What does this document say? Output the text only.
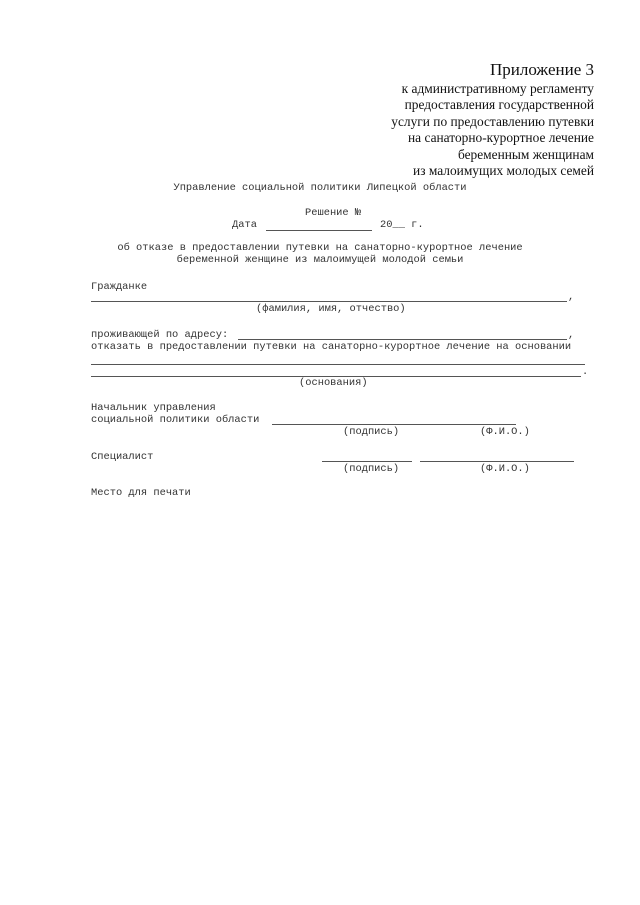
Приложение 3
к административному регламенту
предоставления государственной
услуги по предоставлению путевки
на санаторно-курортное лечение
беременным женщинам
из малоимущих молодых семей
Управление социальной политики Липецкой области
Решение №
Дата	20__ г.
об отказе в предоставлении путевки на санаторно-курортное лечение
беременной женщине из малоимущей молодой семьи
Гражданке
,
(фамилия, имя, отчество)
проживающей по адресу:	,
отказать в предоставлении путевки на санаторно-курортное лечение на основании
.
(основания)
Начальник управления
социальной политики области
(подпись)	(Ф.И.О.)
Специалист
(подпись)	(Ф.И.О.)
Место для печати
